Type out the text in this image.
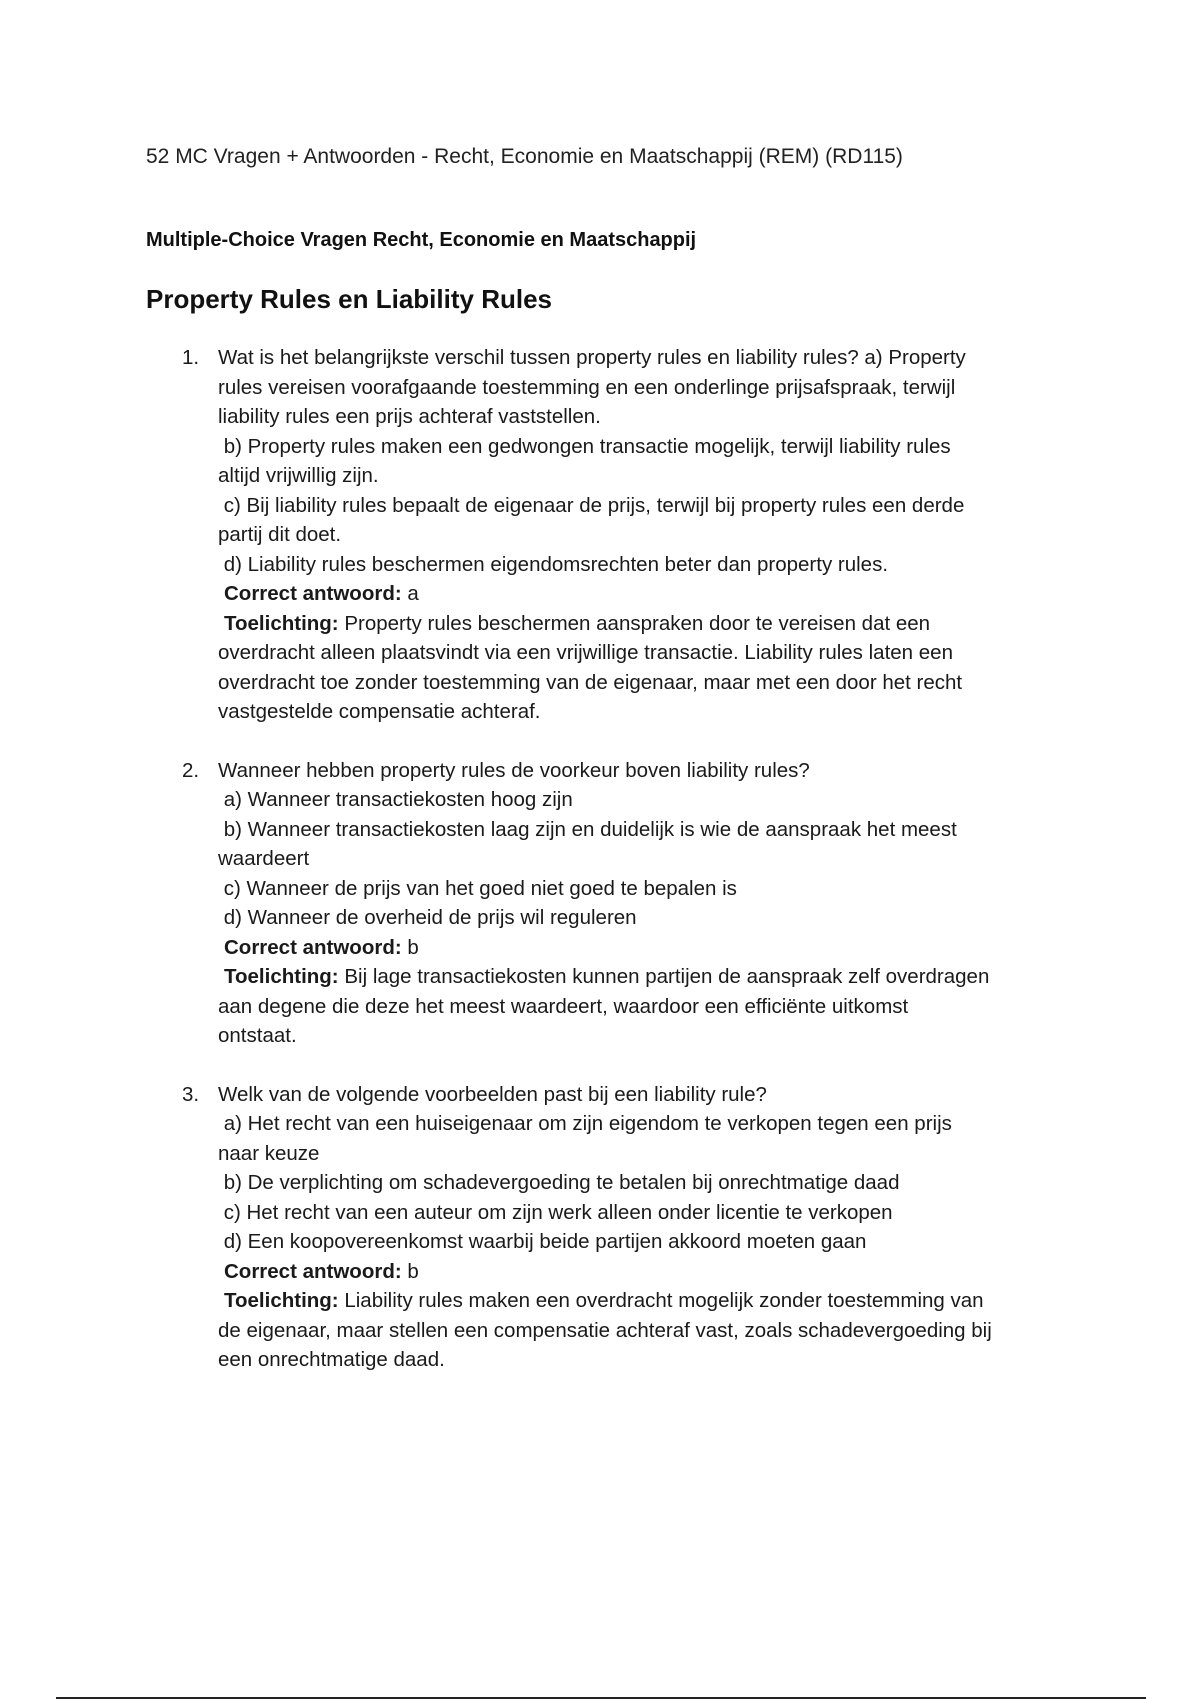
52 MC Vragen + Antwoorden - Recht, Economie en Maatschappij (REM) (RD115)
Multiple-Choice Vragen Recht, Economie en Maatschappij
Property Rules en Liability Rules
1. Wat is het belangrijkste verschil tussen property rules en liability rules? a) Property
rules vereisen voorafgaande toestemming en een onderlinge prijsafspraak, terwijl
liability rules een prijs achteraf vaststellen.
b) Property rules maken een gedwongen transactie mogelijk, terwijl liability rules
altijd vrijwillig zijn.
c) Bij liability rules bepaalt de eigenaar de prijs, terwijl bij property rules een derde
partij dit doet.
d) Liability rules beschermen eigendomsrechten beter dan property rules.
Correct antwoord: a
Toelichting: Property rules beschermen aanspraken door te vereisen dat een
overdracht alleen plaatsvindt via een vrijwillige transactie. Liability rules laten een
overdracht toe zonder toestemming van de eigenaar, maar met een door het recht
vastgestelde compensatie achteraf.
2. Wanneer hebben property rules de voorkeur boven liability rules?
a) Wanneer transactiekosten hoog zijn
b) Wanneer transactiekosten laag zijn en duidelijk is wie de aanspraak het meest
waardeert
c) Wanneer de prijs van het goed niet goed te bepalen is
d) Wanneer de overheid de prijs wil reguleren
Correct antwoord: b
Toelichting: Bij lage transactiekosten kunnen partijen de aanspraak zelf overdragen
aan degene die deze het meest waardeert, waardoor een efficiënte uitkomst
ontstaat.
3. Welk van de volgende voorbeelden past bij een liability rule?
a) Het recht van een huiseigenaar om zijn eigendom te verkopen tegen een prijs
naar keuze
b) De verplichting om schadevergoeding te betalen bij onrechtmatige daad
c) Het recht van een auteur om zijn werk alleen onder licentie te verkopen
d) Een koopovereenkomst waarbij beide partijen akkoord moeten gaan
Correct antwoord: b
Toelichting: Liability rules maken een overdracht mogelijk zonder toestemming van
de eigenaar, maar stellen een compensatie achteraf vast, zoals schadevergoeding bij
een onrechtmatige daad.
